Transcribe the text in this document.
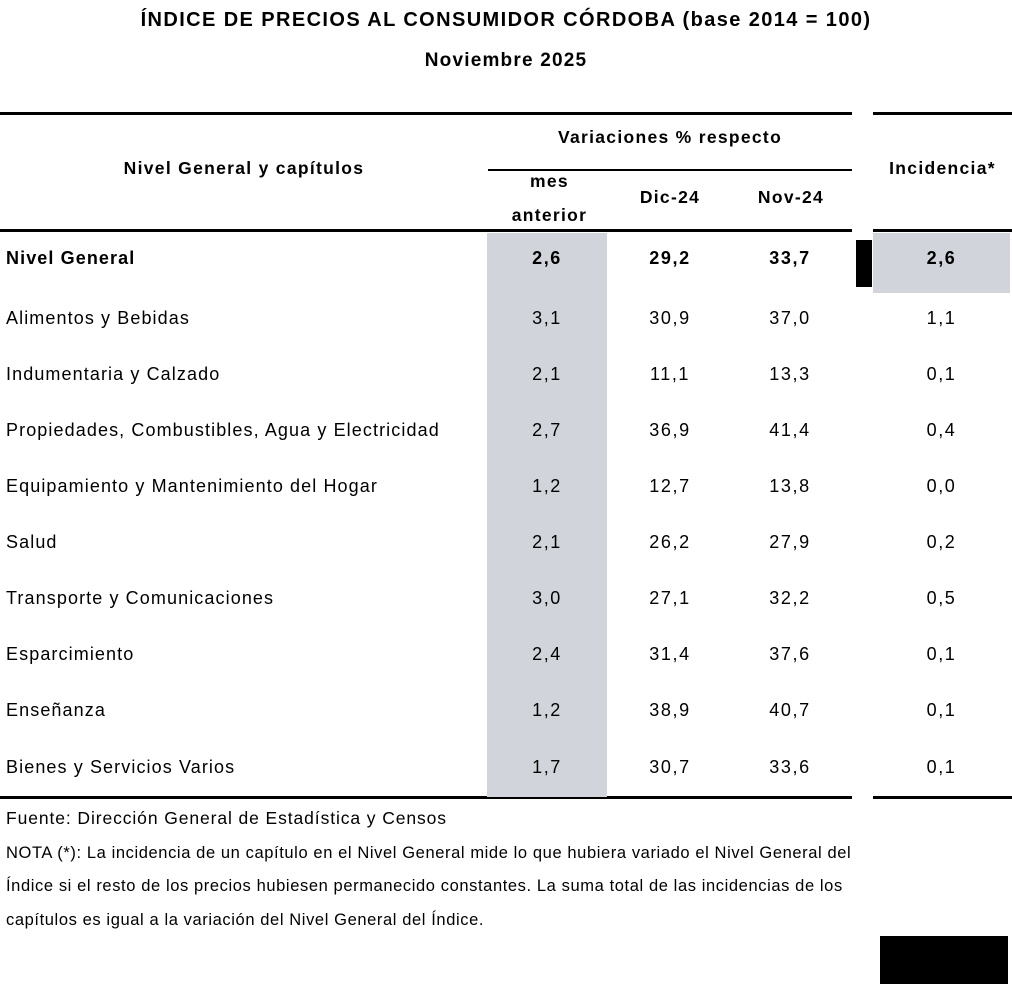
ÍNDICE DE PRECIOS AL CONSUMIDOR CÓRDOBA (base 2014 = 100)
Noviembre 2025
Nivel General y capítulos
Variaciones % respecto
mes
anterior
Dic-24	Nov-24
Incidencia*
Nivel General	2,6	29,2	33,7	2,6
Alimentos y Bebidas	3,1	30,9	37,0	1,1
Indumentaria y Calzado	2,1	11,1	13,3	0,1
Propiedades, Combustibles, Agua y Electricidad	2,7	36,9	41,4	0,4
Equipamiento y Mantenimiento del Hogar	1,2	12,7	13,8	0,0
Salud	2,1	26,2	27,9	0,2
Transporte y Comunicaciones	3,0	27,1	32,2	0,5
Esparcimiento	2,4	31,4	37,6	0,1
Enseñanza	1,2	38,9	40,7	0,1
Bienes y Servicios Varios	1,7	30,7	33,6	0,1
Fuente: Dirección General de Estadística y Censos
NOTA (*): La incidencia de un capítulo en el Nivel General mide lo que hubiera variado el Nivel General del
Índice si el resto de los precios hubiesen permanecido constantes. La suma total de las incidencias de los
capítulos es igual a la variación del Nivel General del Índice.
